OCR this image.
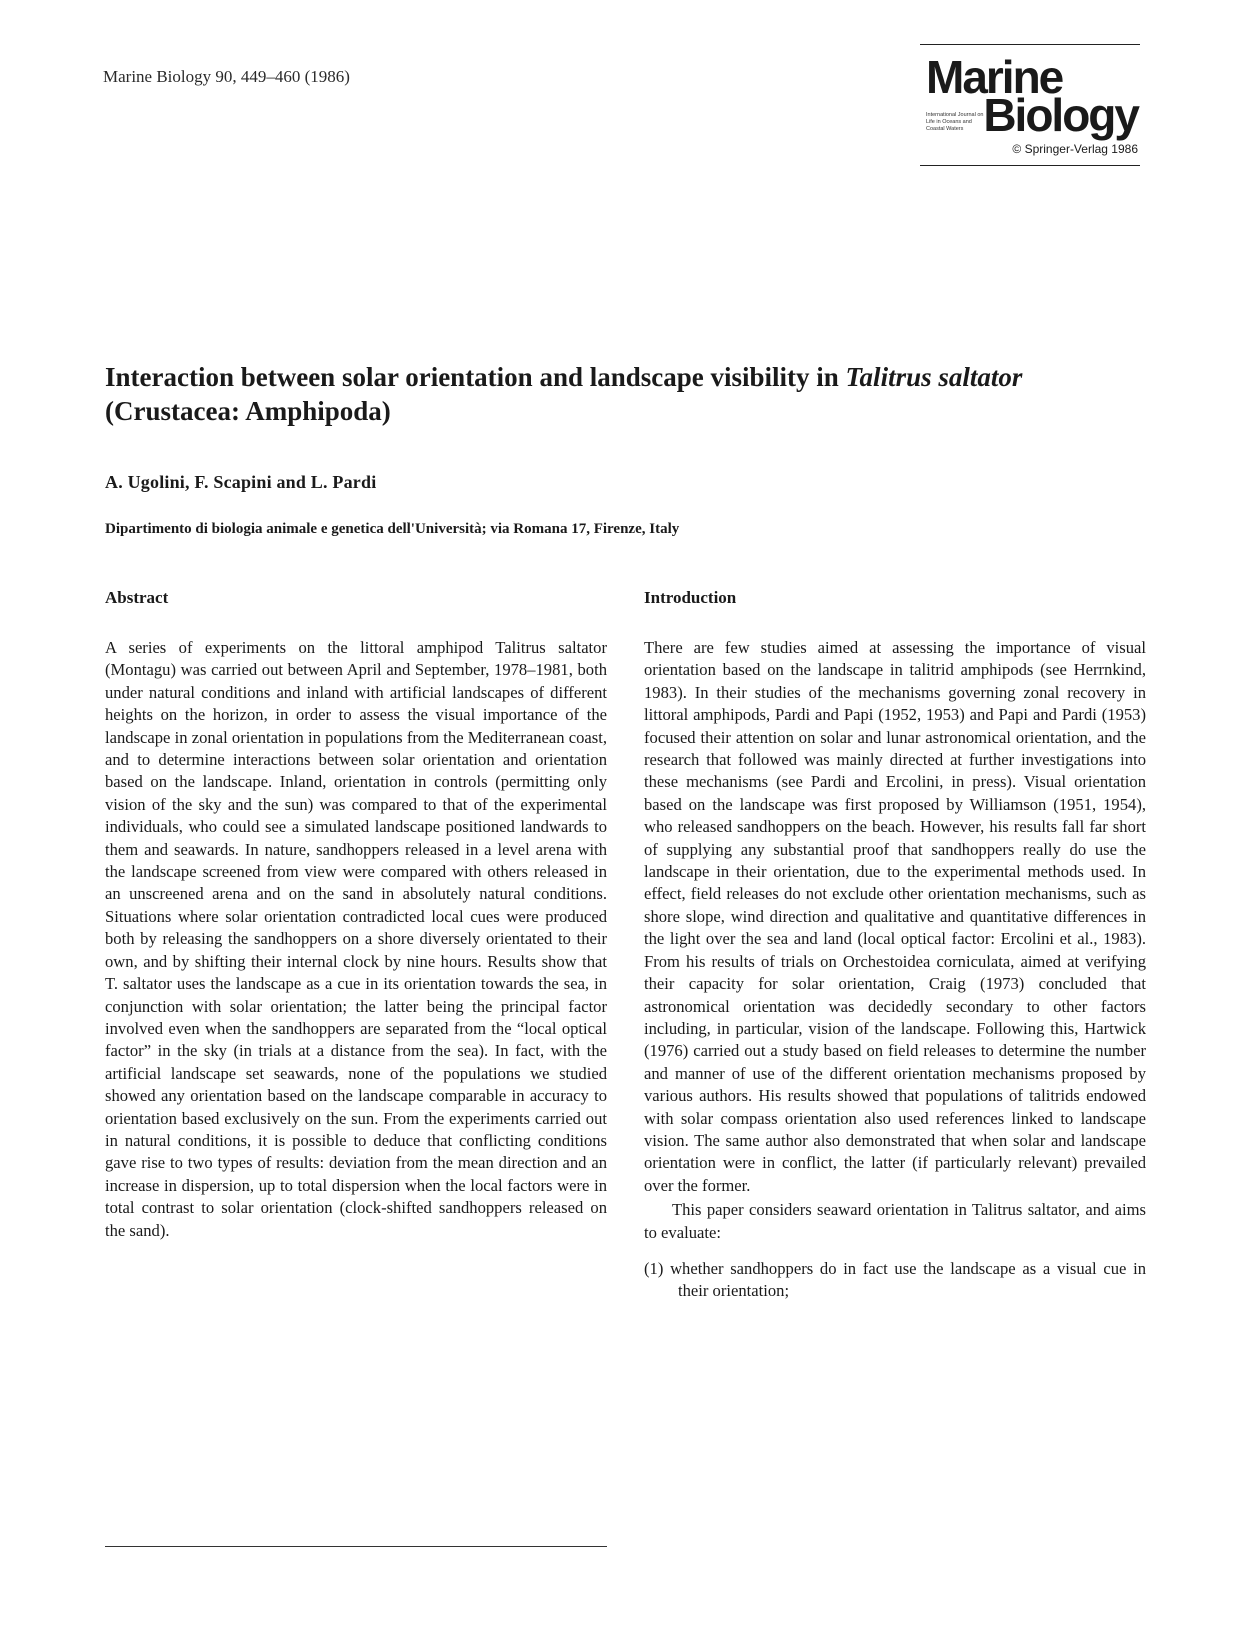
Marine Biology 90, 449–460 (1986)	Marine
International Journal on Life in Oceans and Coastal Waters Biology
© Springer-Verlag 1986
Interaction between solar orientation and landscape visibility in Talitrus saltator (Crustacea: Amphipoda)
A. Ugolini, F. Scapini and L. Pardi
Dipartimento di biologia animale e genetica dell'Università; via Romana 17, Firenze, Italy
Abstract

A series of experiments on the littoral amphipod Talitrus saltator (Montagu) was carried out between April and September, 1978–1981, both under natural conditions and inland with artificial landscapes of different heights on the horizon, in order to assess the visual importance of the landscape in zonal orientation in populations from the Mediterranean coast, and to determine interactions between solar orientation and orientation based on the landscape. Inland, orientation in controls (permitting only vision of the sky and the sun) was compared to that of the experimental individuals, who could see a simulated landscape positioned landwards to them and seawards. In nature, sandhoppers released in a level arena with the landscape screened from view were compared with others released in an unscreened arena and on the sand in absolutely natural conditions. Situations where solar orientation contradicted local cues were produced both by releasing the sandhoppers on a shore diversely orientated to their own, and by shifting their internal clock by nine hours. Results show that T. saltator uses the landscape as a cue in its orientation towards the sea, in conjunction with solar orientation; the latter being the principal factor involved even when the sandhoppers are separated from the “local optical factor” in the sky (in trials at a distance from the sea). In fact, with the artificial landscape set seawards, none of the populations we studied showed any orientation based on the landscape comparable in accuracy to orientation based exclusively on the sun. From the experiments carried out in natural conditions, it is possible to deduce that conflicting conditions gave rise to two types of results: deviation from the mean direction and an increase in dispersion, up to total dispersion when the local factors were in total contrast to solar orientation (clock-shifted sandhoppers released on the sand).

Introduction

There are few studies aimed at assessing the importance of visual orientation based on the landscape in talitrid amphipods (see Herrnkind, 1983). In their studies of the mechanisms governing zonal recovery in littoral amphipods, Pardi and Papi (1952, 1953) and Papi and Pardi (1953) focused their attention on solar and lunar astronomical orientation, and the research that followed was mainly directed at further investigations into these mechanisms (see Pardi and Ercolini, in press). Visual orientation based on the landscape was first proposed by Williamson (1951, 1954), who released sandhoppers on the beach. However, his results fall far short of supplying any substantial proof that sandhoppers really do use the landscape in their orientation, due to the experimental methods used. In effect, field releases do not exclude other orientation mechanisms, such as shore slope, wind direction and qualitative and quantitative differences in the light over the sea and land (local optical factor: Ercolini et al., 1983). From his results of trials on Orchestoidea corniculata, aimed at verifying their capacity for solar orientation, Craig (1973) concluded that astronomical orientation was decidedly secondary to other factors including, in particular, vision of the landscape. Following this, Hartwick (1976) carried out a study based on field releases to determine the number and manner of use of the different orientation mechanisms proposed by various authors. His results showed that populations of talitrids endowed with solar compass orientation also used references linked to landscape vision. The same author also demonstrated that when solar and landscape orientation were in conflict, the latter (if particularly relevant) prevailed over the former.

This paper considers seaward orientation in Talitrus saltator, and aims to evaluate:

(1) whether sandhoppers do in fact use the landscape as a visual cue in their orientation;
